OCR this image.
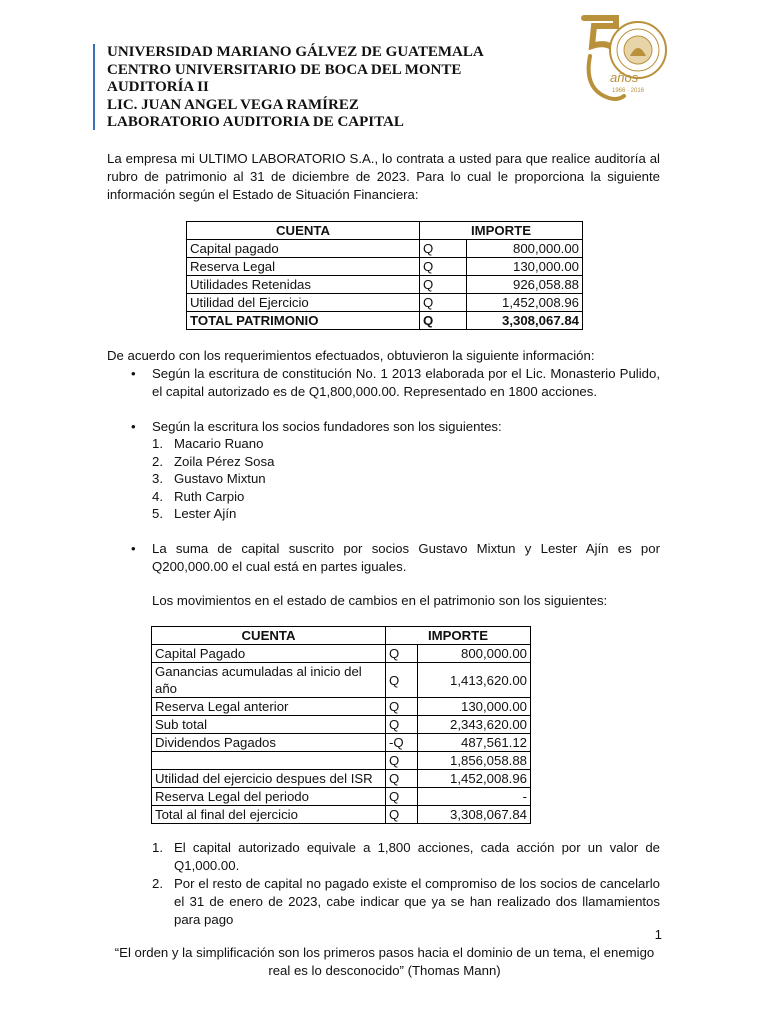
UNIVERSIDAD MARIANO GÁLVEZ DE GUATEMALA
CENTRO UNIVERSITARIO DE BOCA DEL MONTE
AUDITORÍA II
LIC. JUAN ANGEL VEGA RAMÍREZ
LABORATORIO AUDITORIA DE CAPITAL
años
1966 · 2016
La empresa mi ULTIMO LABORATORIO S.A., lo contrata a usted para que realice auditoría al rubro de patrimonio al 31 de diciembre de 2023. Para lo cual le proporciona la siguiente información según el Estado de Situación Financiera:
CUENTA	IMPORTE	
Capital pagado	Q	800,000.00
Reserva Legal	Q	130,000.00
Utilidades Retenidas	Q	926,058.88
Utilidad del Ejercicio	Q	1,452,008.96
TOTAL PATRIMONIO	Q	3,308,067.84
De acuerdo con los requerimientos efectuados, obtuvieron la siguiente información:
• Según la escritura de constitución No. 1 2013 elaborada por el Lic. Monasterio Pulido, el capital autorizado es de Q1,800,000.00. Representado en 1800 acciones.
• Según la escritura los socios fundadores son los siguientes:
1. Macario Ruano
2. Zoila Pérez Sosa
3. Gustavo Mixtun
4. Ruth Carpio
5. Lester Ajín
• La suma de capital suscrito por socios Gustavo Mixtun y Lester Ajín es por Q200,000.00 el cual está en partes iguales.
Los movimientos en el estado de cambios en el patrimonio son los siguientes:
CUENTA	IMPORTE	
Capital Pagado	Q	800,000.00
Ganancias acumuladas al inicio del año	Q	1,413,620.00
Reserva Legal anterior	Q	130,000.00
Sub total	Q	2,343,620.00
Dividendos Pagados	-Q	487,561.12
	Q	1,856,058.88
Utilidad del ejercicio despues del ISR	Q	1,452,008.96
Reserva Legal del periodo	Q	-
Total al final del ejercicio	Q	3,308,067.84
1. El capital autorizado equivale a 1,800 acciones, cada acción por un valor de Q1,000.00.
2. Por el resto de capital no pagado existe el compromiso de los socios de cancelarlo el 31 de enero de 2023, cabe indicar que ya se han realizado dos llamamientos para pago
1
“El orden y la simplificación son los primeros pasos hacia el dominio de un tema, el enemigo real es lo desconocido” (Thomas Mann)
